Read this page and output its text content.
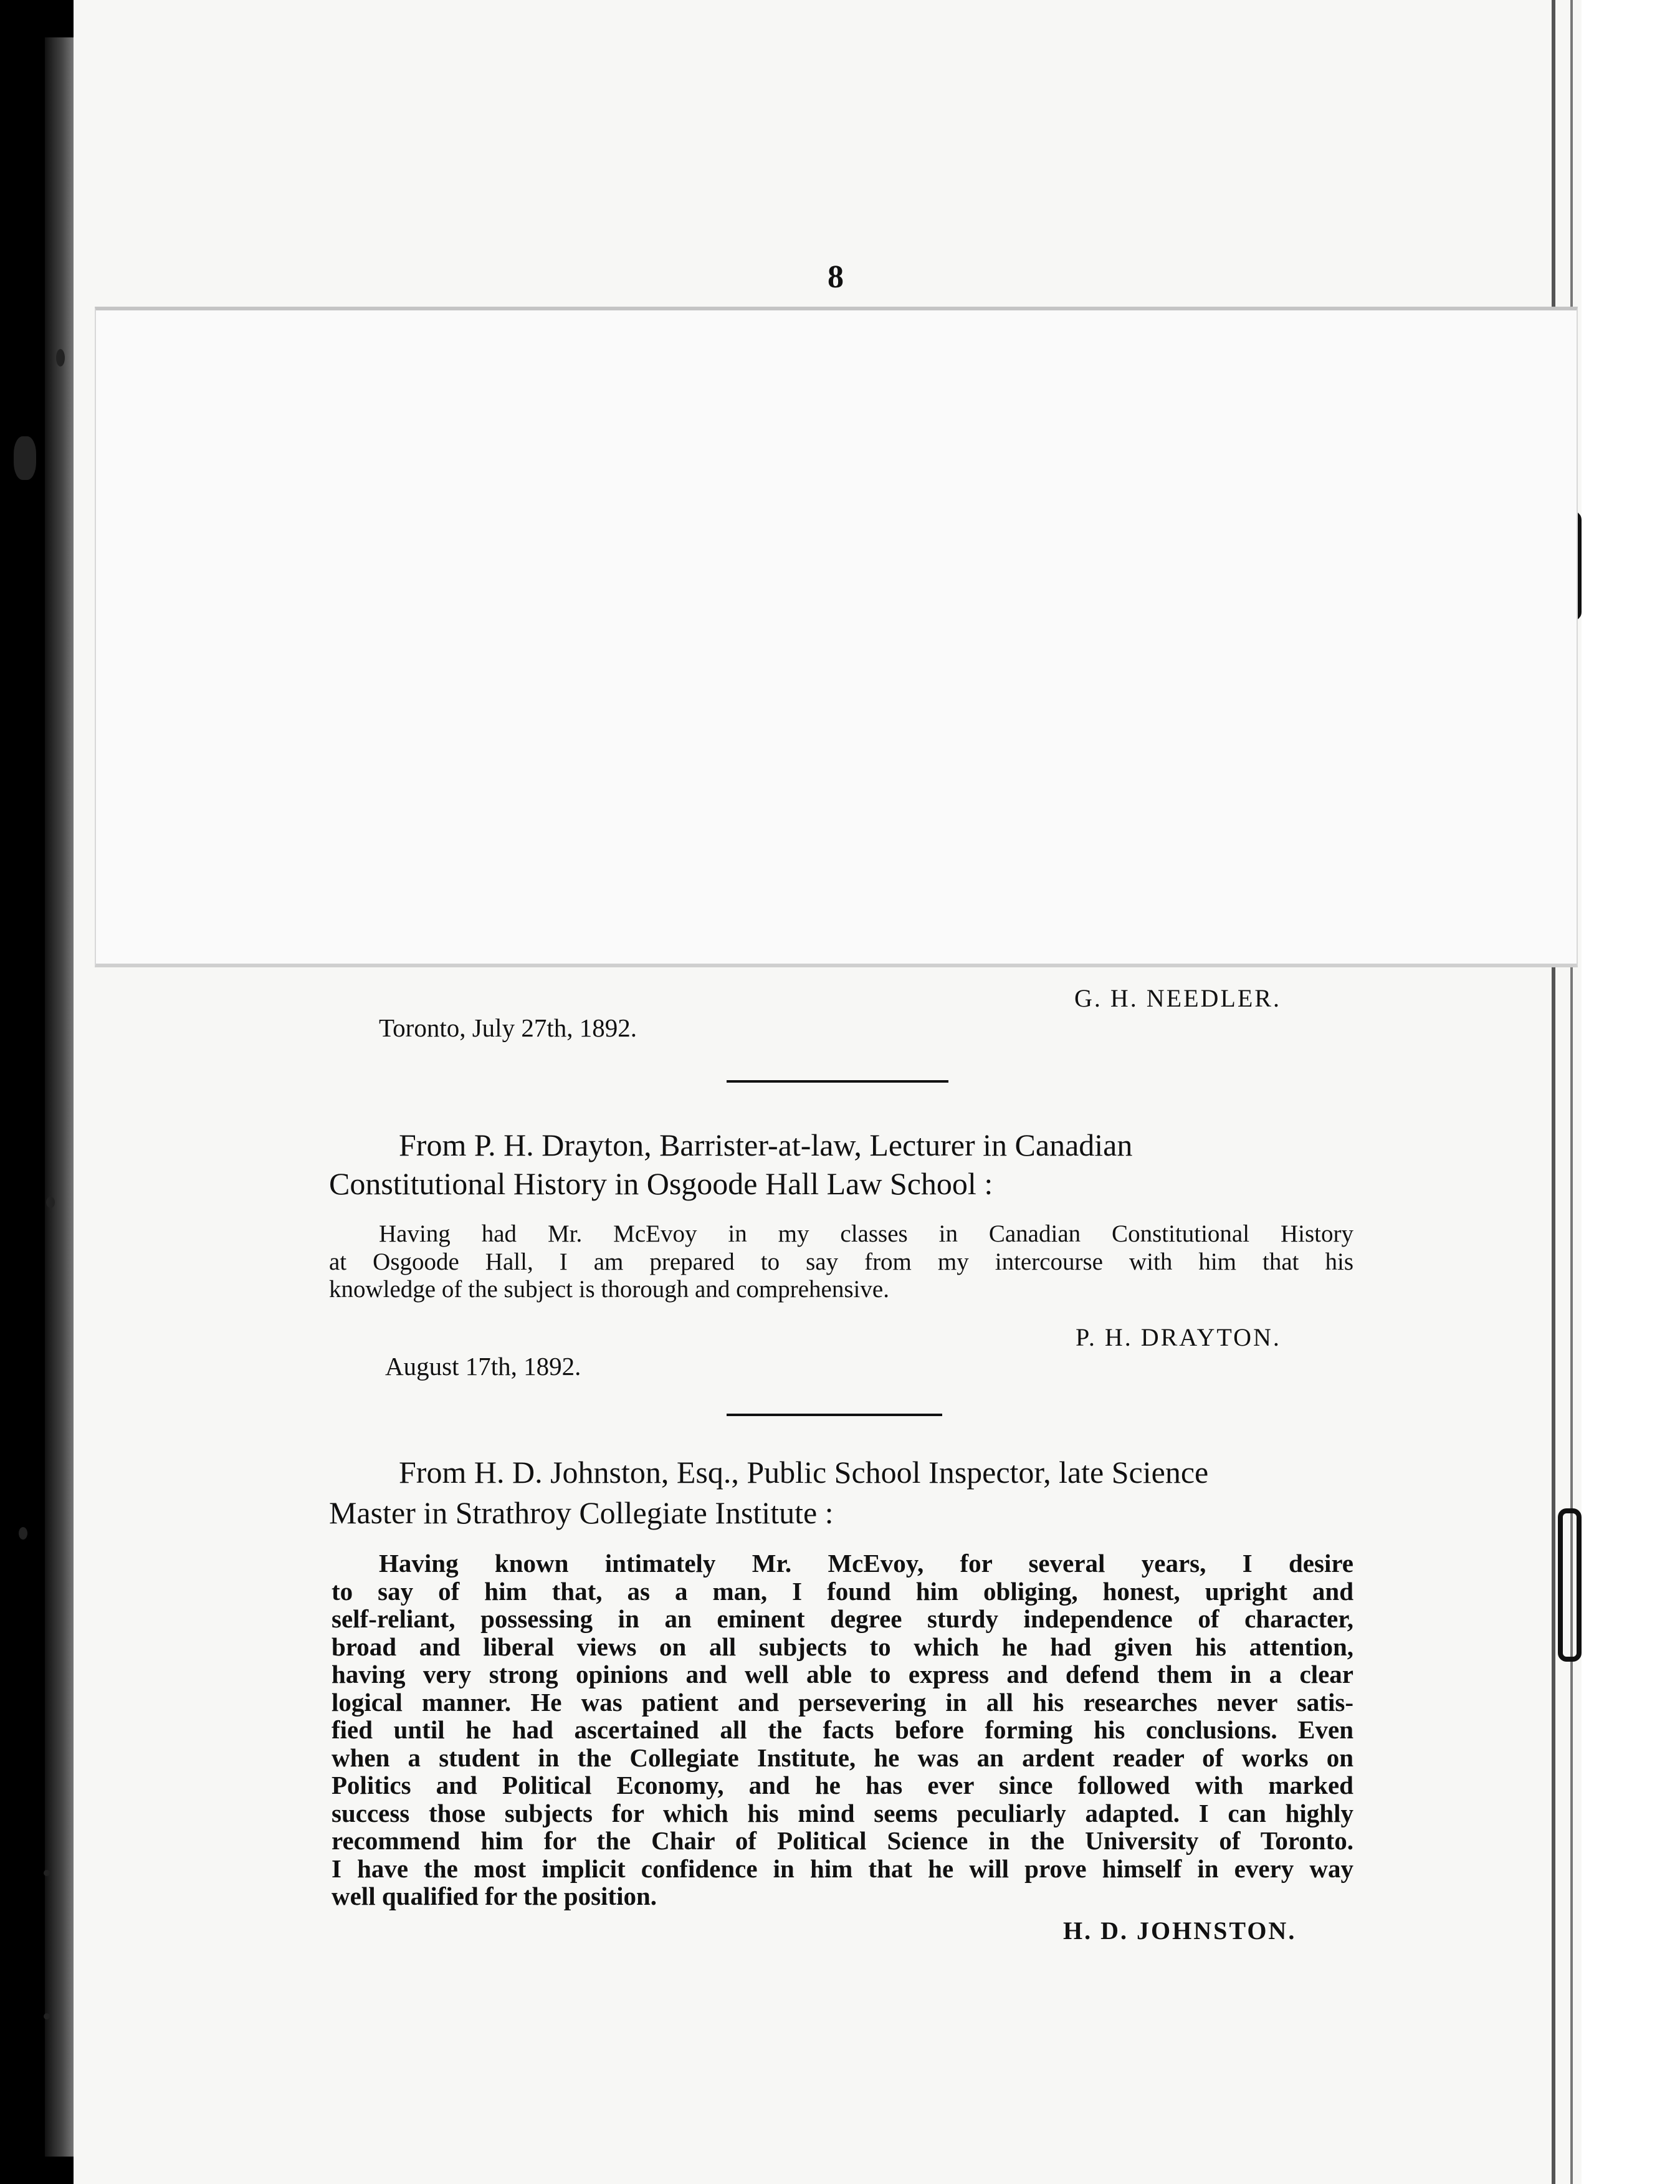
8
G. H. NEEDLER.
Toronto, July 27th, 1892.
From P. H. Drayton, Barrister-at-law, Lecturer in Canadian
Constitutional History in Osgoode Hall Law School :
Having had Mr. McEvoy in my classes in Canadian Constitutional History
at Osgoode Hall, I am prepared to say from my intercourse with him that his
knowledge of the subject is thorough and comprehensive.
P. H. DRAYTON.
August 17th, 1892.
From H. D. Johnston, Esq., Public School Inspector, late Science
Master in Strathroy Collegiate Institute :
Having known intimately Mr. McEvoy, for several years, I desire
to say of him that, as a man, I found him obliging, honest, upright and
self-reliant, possessing in an eminent degree sturdy independence of character,
broad and liberal views on all subjects to which he had given his attention,
having very strong opinions and well able to express and defend them in a clear
logical manner. He was patient and persevering in all his researches never satis-
fied until he had ascertained all the facts before forming his conclusions. Even
when a student in the Collegiate Institute, he was an ardent reader of works on
Politics and Political Economy, and he has ever since followed with marked
success those subjects for which his mind seems peculiarly adapted. I can highly
recommend him for the Chair of Political Science in the University of Toronto.
I have the most implicit confidence in him that he will prove himself in every way
well qualified for the position.
H. D. JOHNSTON.
